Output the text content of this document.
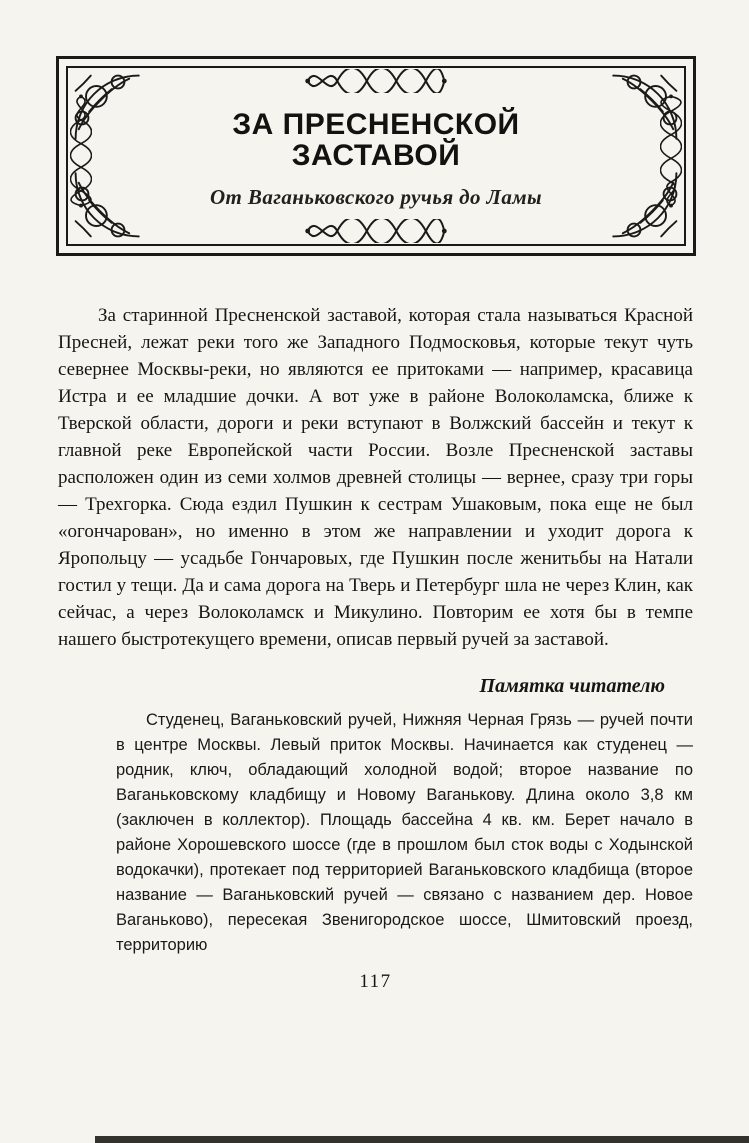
ЗА ПРЕСНЕНСКОЙ ЗАСТАВОЙ
От Ваганьковского ручья до Ламы

За старинной Пресненской заставой, которая стала называться Красной Пресней, лежат реки того же Западного Подмосковья, которые текут чуть севернее Москвы-реки, но являются ее притоками — например, красавица Истра и ее младшие дочки. А вот уже в районе Волоколамска, ближе к Тверской области, дороги и реки вступают в Волжский бассейн и текут к главной реке Европейской части России. Возле Пресненской заставы расположен один из семи холмов древней столицы — вернее, сразу три горы — Трехгорка. Сюда ездил Пушкин к сестрам Ушаковым, пока еще не был «огончарован», но именно в этом же направлении и уходит дорога к Яропольцу — усадьбе Гончаровых, где Пушкин после женитьбы на Натали гостил у тещи. Да и сама дорога на Тверь и Петербург шла не через Клин, как сейчас, а через Волоколамск и Микулино. Повторим ее хотя бы в темпе нашего быстротекущего времени, описав первый ручей за заставой.

Памятка читателю
Студенец, Ваганьковский ручей, Нижняя Черная Грязь — ручей почти в центре Москвы. Левый приток Москвы. Начинается как студенец — родник, ключ, обладающий холодной водой; второе название по Ваганьковскому кладбищу и Новому Ваганькову. Длина около 3,8 км (заключен в коллектор). Площадь бассейна 4 кв. км. Берет начало в районе Хорошевского шоссе (где в прошлом был сток воды с Ходынской водокачки), протекает под территорией Ваганьковского кладбища (второе название — Ваганьковский ручей — связано с названием дер. Новое Ваганьково), пересекая Звенигородское шоссе, Шмитовский проезд, территорию
117
